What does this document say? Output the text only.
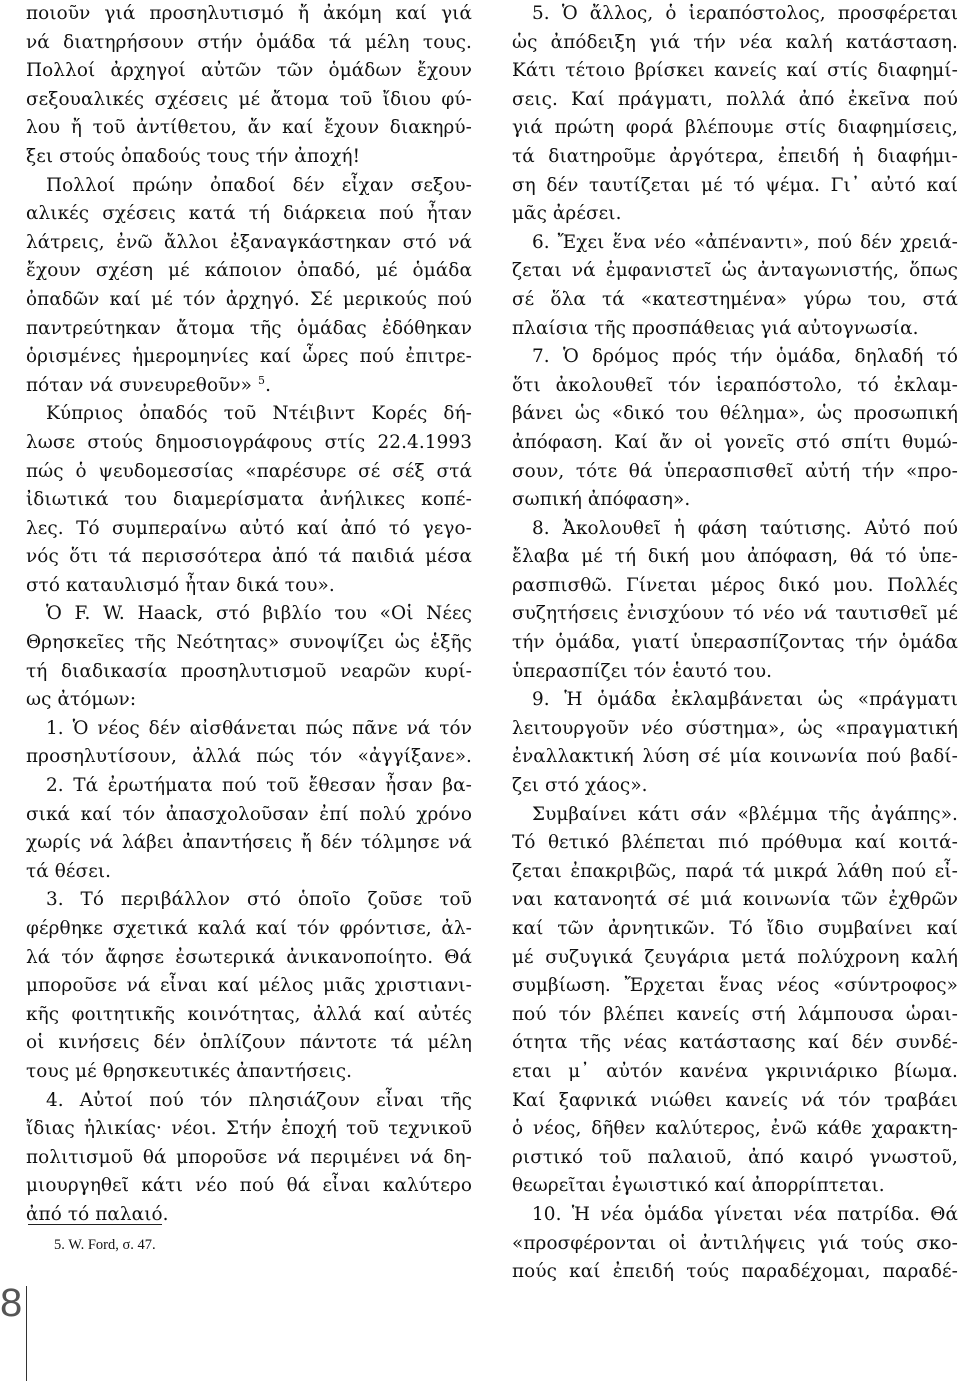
ποιοῦν γιά προσηλυτισμό ἤ ἀκόμη καί γιά
νά διατηρήσουν στήν ὁμάδα τά μέλη τους.
Πολλοί ἀρχηγοί αὐτῶν τῶν ὁμάδων ἔχουν
σεξουαλικές σχέσεις μέ ἄτομα τοῦ ἴδιου φύ-
λου ἤ τοῦ ἀντίθετου, ἄν καί ἔχουν διακηρύ-
ξει στούς ὀπαδούς τους τήν ἀποχή!
Πολλοί πρώην ὀπαδοί δέν εἶχαν σεξου-
αλικές σχέσεις κατά τή διάρκεια πού ἦταν
λάτρεις, ἐνῶ ἄλλοι ἐξαναγκάστηκαν στό νά
ἔχουν σχέση μέ κάποιον ὀπαδό, μέ ὁμάδα
ὀπαδῶν καί μέ τόν ἀρχηγό. Σέ μερικούς πού
παντρεύτηκαν ἄτομα τῆς ὁμάδας ἐδόθηκαν
ὁρισμένες ἡμερομηνίες καί ὧρες πού ἐπιτρε-
πόταν νά συνευρεθοῦν» $^5$.
Κύπριος ὀπαδός τοῦ Ντέιβιντ Κορές δή-
λωσε στούς δημοσιογράφους στίς 22.4.1993
πώς ὁ ψευδομεσσίας «παρέσυρε σέ σέξ στά
ἰδιωτικά του διαμερίσματα ἀνήλικες κοπέ-
λες. Τό συμπεραίνω αὐτό καί ἀπό τό γεγο-
νός ὅτι τά περισσότερα ἀπό τά παιδιά μέσα
στό καταυλισμό ἦταν δικά του».
Ὁ F. W. Haack, στό βιβλίο του «Οἱ Νέες
Θρησκεῖες τῆς Νεότητας» συνοψίζει ὡς ἑξῆς
τή διαδικασία προσηλυτισμοῦ νεαρῶν κυρί-
ως ἀτόμων:
1. Ὁ νέος δέν αἰσθάνεται πώς πᾶνε νά τόν
προσηλυτίσουν, ἀλλά πώς τόν «ἀγγίξανε».
2. Τά ἐρωτήματα πού τοῦ ἔθεσαν ἦσαν βα-
σικά καί τόν ἀπασχολοῦσαν ἐπί πολύ χρόνο
χωρίς νά λάβει ἀπαντήσεις ἤ δέν τόλμησε νά
τά θέσει.
3. Τό περιβάλλον στό ὁποῖο ζοῦσε τοῦ
φέρθηκε σχετικά καλά καί τόν φρόντισε, ἀλ-
λά τόν ἄφησε ἐσωτερικά ἀνικανοποίητο. Θά
μποροῦσε νά εἶναι καί μέλος μιᾶς χριστιανι-
κῆς φοιτητικῆς κοινότητας, ἀλλά καί αὐτές
οἱ κινήσεις δέν ὁπλίζουν πάντοτε τά μέλη
τους μέ θρησκευτικές ἀπαντήσεις.
4. Αὐτοί πού τόν πλησιάζουν εἶναι τῆς
ἴδιας ἡλικίας· νέοι. Στήν ἐποχή τοῦ τεχνικοῦ
πολιτισμοῦ θά μποροῦσε νά περιμένει νά δη-
μιουργηθεῖ κάτι νέο πού θά εἶναι καλύτερο
ἀπό τό παλαιό.
5. W. Ford, σ. 47.
5. Ὁ ἄλλος, ὁ ἱεραπόστολος, προσφέρεται
ὡς ἀπόδειξη γιά τήν νέα καλή κατάσταση.
Κάτι τέτοιο βρίσκει κανείς καί στίς διαφημί-
σεις. Καί πράγματι, πολλά ἀπό ἐκεῖνα πού
γιά πρώτη φορά βλέπουμε στίς διαφημίσεις,
τά διατηροῦμε ἀργότερα, ἐπειδή ἡ διαφήμι-
ση δέν ταυτίζεται μέ τό ψέμα. Γι᾽ αὐτό καί
μᾶς ἀρέσει.
6. Ἔχει ἕνα νέο «ἀπέναντι», πού δέν χρειά-
ζεται νά ἐμφανιστεῖ ὡς ἀνταγωνιστής, ὅπως
σέ ὅλα τά «κατεστημένα» γύρω του, στά
πλαίσια τῆς προσπάθειας γιά αὐτογνωσία.
7. Ὁ δρόμος πρός τήν ὁμάδα, δηλαδή τό
ὅτι ἀκολουθεῖ τόν ἱεραπόστολο, τό ἐκλαμ-
βάνει ὡς «δικό του θέλημα», ὡς προσωπική
ἀπόφαση. Καί ἄν οἱ γονεῖς στό σπίτι θυμώ-
σουν, τότε θά ὑπερασπισθεῖ αὐτή τήν «προ-
σωπική ἀπόφαση».
8. Ἀκολουθεῖ ἡ φάση ταύτισης. Αὐτό πού
ἔλαβα μέ τή δική μου ἀπόφαση, θά τό ὑπε-
ρασπισθῶ. Γίνεται μέρος δικό μου. Πολλές
συζητήσεις ἐνισχύουν τό νέο νά ταυτισθεῖ μέ
τήν ὁμάδα, γιατί ὑπερασπίζοντας τήν ὁμάδα
ὑπερασπίζει τόν ἑαυτό του.
9. Ἡ ὁμάδα ἐκλαμβάνεται ὡς «πράγματι
λειτουργοῦν νέο σύστημα», ὡς «πραγματική
ἐναλλακτική λύση σέ μία κοινωνία πού βαδί-
ζει στό χάος».
Συμβαίνει κάτι σάν «βλέμμα τῆς ἀγάπης».
Τό θετικό βλέπεται πιό πρόθυμα καί κοιτά-
ζεται ἐπακριβῶς, παρά τά μικρά λάθη πού εἶ-
ναι κατανοητά σέ μιά κοινωνία τῶν ἐχθρῶν
καί τῶν ἀρνητικῶν. Τό ἴδιο συμβαίνει καί
μέ συζυγικά ζευγάρια μετά πολύχρονη καλή
συμβίωση. Ἔρχεται ἕνας νέος «σύντροφος»
πού τόν βλέπει κανείς στή λάμπουσα ὡραι-
ότητα τῆς νέας κατάστασης καί δέν συνδέ-
εται μ᾽ αὐτόν κανένα γκρινιάρικο βίωμα.
Καί ξαφνικά νιώθει κανείς νά τόν τραβάει
ὁ νέος, δῆθεν καλύτερος, ἐνῶ κάθε χαρακτη-
ριστικό τοῦ παλαιοῦ, ἀπό καιρό γνωστοῦ,
θεωρεῖται ἐγωιστικό καί ἀπορρίπτεται.
10. Ἡ νέα ὁμάδα γίνεται νέα πατρίδα. Θά
«προσφέρονται οἱ ἀντιλήψεις γιά τούς σκο-
πούς καί ἐπειδή τούς παραδέχομαι, παραδέ-
8
